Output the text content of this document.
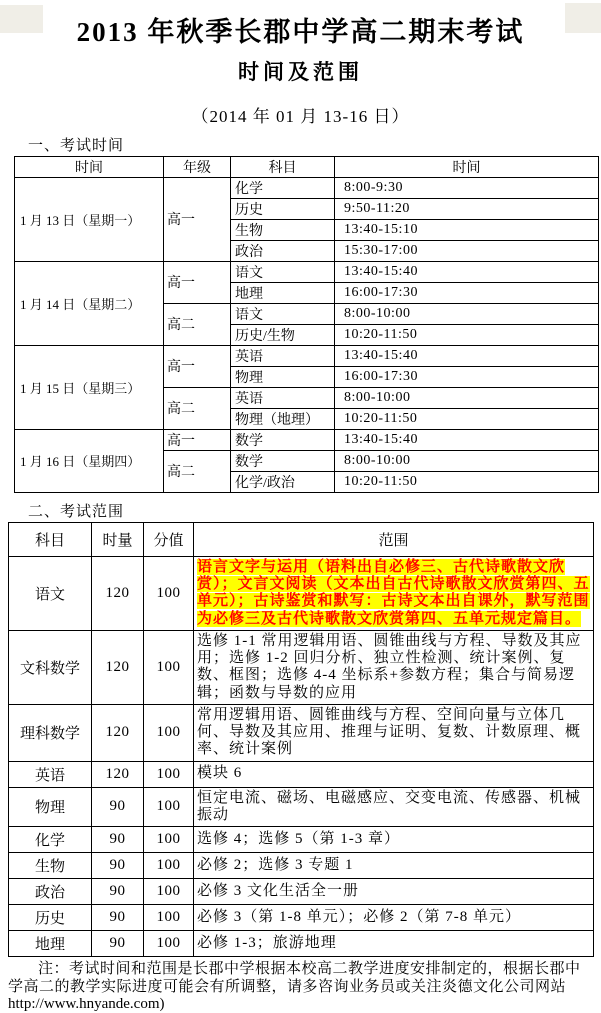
2013 年秋季长郡中学高二期末考试
时间及范围
（2014 年 01 月 13-16 日）
一、考试时间
时间	年级	科目	时间
1 月 13 日（星期一）	高一	化学	8:00-9:30
		历史	9:50-11:20
		生物	13:40-15:10
		政治	15:30-17:00
1 月 14 日（星期二）	高一	语文	13:40-15:40
		地理	16:00-17:30
	高二	语文	8:00-10:00
		历史/生物	10:20-11:50
1 月 15 日（星期三）	高一	英语	13:40-15:40
		物理	16:00-17:30
	高二	英语	8:00-10:00
		物理（地理）	10:20-11:50
1 月 16 日（星期四）	高一	数学	13:40-15:40
	高二	数学	8:00-10:00
		化学/政治	10:20-11:50
二、考试范围
科目	时量	分值	范围
语文	120	100	语言文字与运用（语料出自必修三、古代诗歌散文欣赏）；文言文阅读（文本出自古代诗歌散文欣赏第四、五单元）；古诗鉴赏和默写：古诗文本出自课外，默写范围为必修三及古代诗歌散文欣赏第四、五单元规定篇目。
文科数学	120	100	选修 1-1 常用逻辑用语、圆锥曲线与方程、导数及其应用；选修 1-2 回归分析、独立性检测、统计案例、复数、框图；选修 4-4 坐标系+参数方程；集合与简易逻辑；函数与导数的应用
理科数学	120	100	常用逻辑用语、圆锥曲线与方程、空间向量与立体几何、导数及其应用、推理与证明、复数、计数原理、概率、统计案例
英语	120	100	模块 6
物理	90	100	恒定电流、磁场、电磁感应、交变电流、传感器、机械振动
化学	90	100	选修 4；选修 5（第 1-3 章）
生物	90	100	必修 2；选修 3 专题 1
政治	90	100	必修 3 文化生活全一册
历史	90	100	必修 3（第 1-8 单元）；必修 2（第 7-8 单元）
地理	90	100	必修 1-3；旅游地理
注：考试时间和范围是长郡中学根据本校高二教学进度安排制定的，根据长郡中学高二的教学实际进度可能会有所调整，请多咨询业务员或关注炎德文化公司网站
http://www.hnyande.com)
